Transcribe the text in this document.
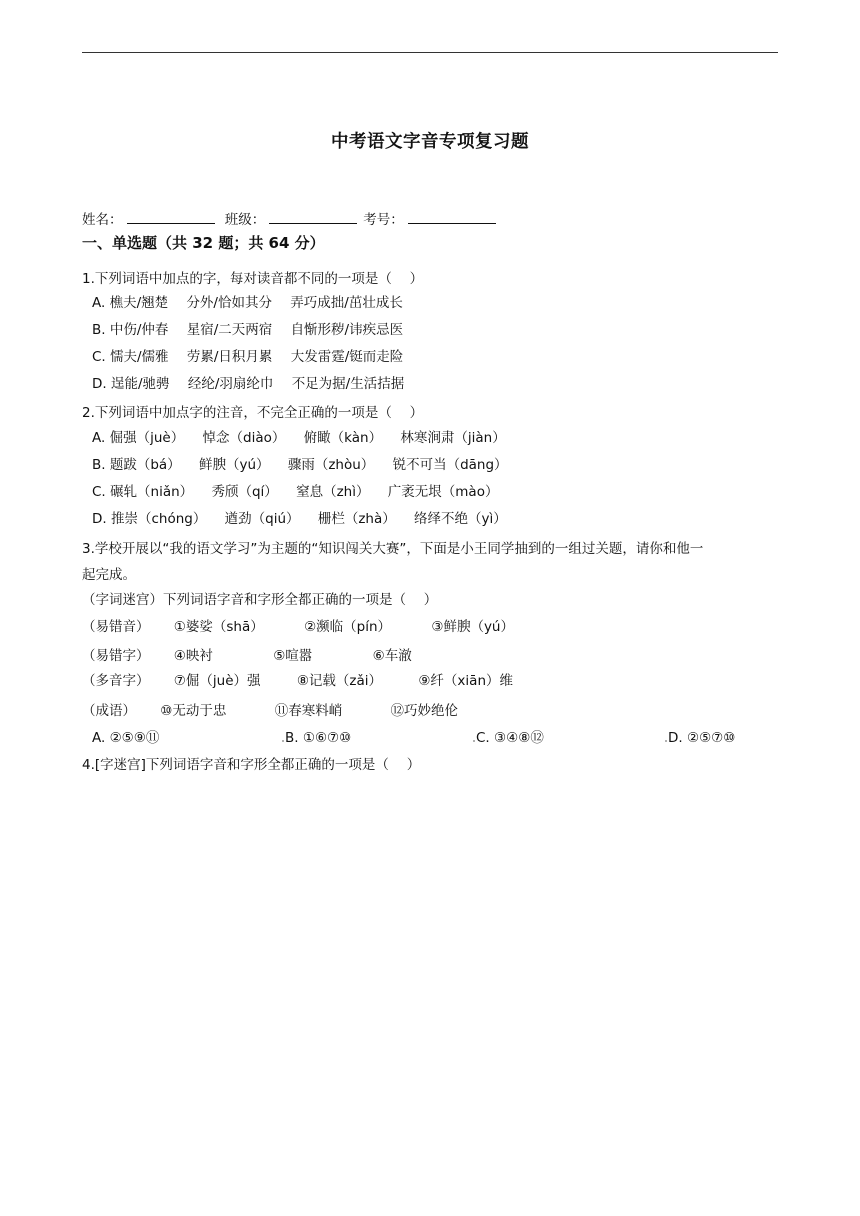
中考语文字音专项复习题
姓名：	班级：	考号：
一、单选题（共 32 题；共 64 分）
1.下列词语中加点的字，每对读音都不同的一项是（　 ）
A. 樵夫/翘楚 分外/恰如其分 弄巧成拙/茁壮成长
B. 中伤/仲春 星宿/二天两宿 自惭形秽/讳疾忌医
C. 懦夫/儒雅 劳累/日积月累 大发雷霆/铤而走险
D. 逞能/驰骋 经纶/羽扇纶巾 不足为据/生活拮据
2.下列词语中加点字的注音，不完全正确的一项是（　 ）
A. 倔强（juè） 悼念（diào） 俯瞰（kàn） 林寒涧肃（jiàn）
B. 题跋（bá） 鲜腴（yú） 骤雨（zhòu） 锐不可当（dāng）
C. 碾轧（niǎn） 秀颀（qí） 窒息（zhì） 广袤无垠（mào）
D. 推崇（chóng） 遒劲（qiú） 栅栏（zhà） 络绎不绝（yì）
3.学校开展以“我的语文学习”为主题的“知识闯关大赛”，下面是小王同学抽到的一组过关题，请你和他一
起完成。
（字词迷宫）下列词语字音和字形全都正确的一项是（　 ）
（易错音） ①婆娑（shā）	②濒临（pín）	③鲜腴（yú）
（易错字） ④映衬	⑤喧嚣	⑥车澈
（多音字） ⑦倔（juè）强	⑧记载（zǎi）	⑨纤（xiān）维
（成语） ⑩无动于忠	⑪春寒料峭	⑫巧妙绝伦
A. ②⑤⑨⑪	B. ①⑥⑦⑩	C. ③④⑧⑫	D. ②⑤⑦⑩
4.[字迷宫]下列词语字音和字形全都正确的一项是（　 ）
